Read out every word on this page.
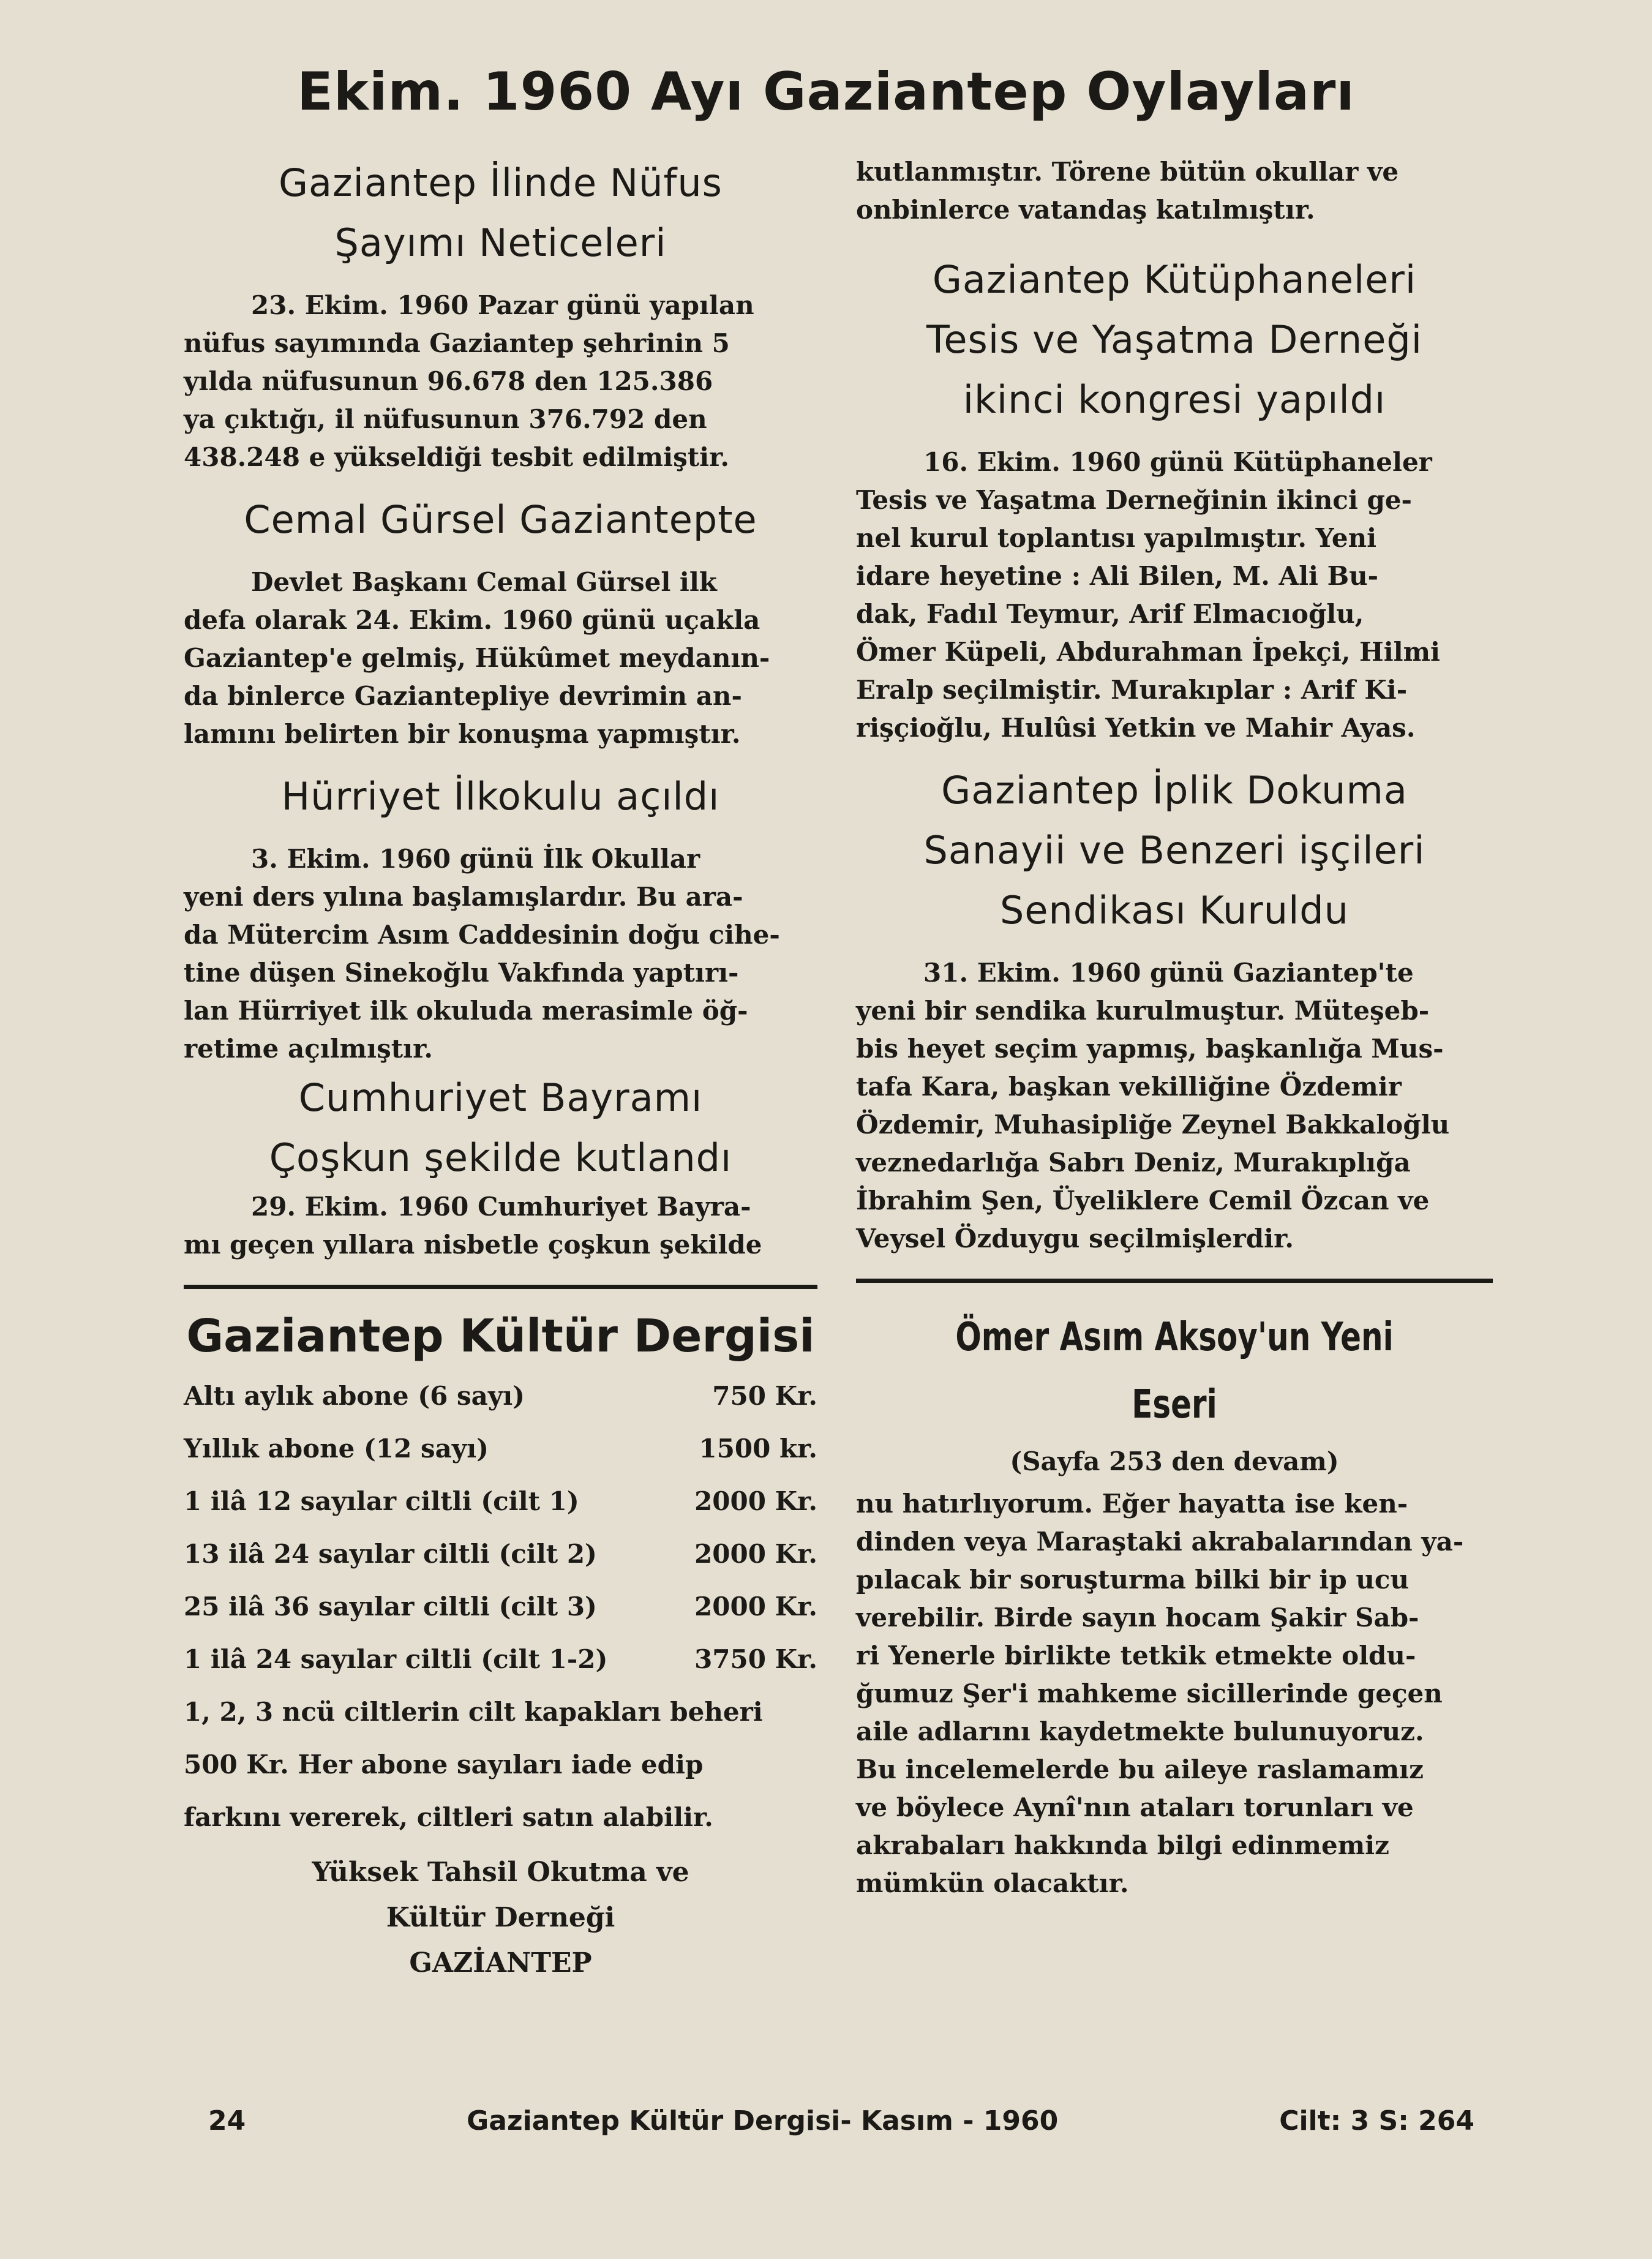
Ekim. 1960 Ayı Gaziantep Oylayları
Gaziantep İlinde Nüfus
Şayımı Neticeleri

23. Ekim. 1960 Pazar günü yapılan

nüfus sayımında Gaziantep şehrinin 5

yılda nüfusunun 96.678 den 125.386

ya çıktığı, il nüfusunun 376.792 den

438.248 e yükseldiği tesbit edilmiştir.

Cemal Gürsel Gaziantepte

Devlet Başkanı Cemal Gürsel ilk

defa olarak 24. Ekim. 1960 günü uçakla

Gaziantep'e gelmiş, Hükûmet meydanın-

da binlerce Gaziantepliye devrimin an-

lamını belirten bir konuşma yapmıştır.

Hürriyet İlkokulu açıldı

3. Ekim. 1960 günü İlk Okullar

yeni ders yılına başlamışlardır. Bu ara-

da Mütercim Asım Caddesinin doğu cihe-

tine düşen Sinekoğlu Vakfında yaptırı-

lan Hürriyet ilk okuluda merasimle öğ-

retime açılmıştır.

Cumhuriyet Bayramı
Çoşkun şekilde kutlandı

29. Ekim. 1960 Cumhuriyet Bayra-

mı geçen yıllara nisbetle çoşkun şekilde

Gaziantep Kültür Dergisi
Altı aylık abone (6 sayı)	750 Kr.
Yıllık abone (12 sayı)	1500 kr.
1 ilâ 12 sayılar ciltli (cilt 1)	2000 Kr.
13 ilâ 24 sayılar ciltli (cilt 2)	2000 Kr.
25 ilâ 36 sayılar ciltli (cilt 3)	2000 Kr.
1 ilâ 24 sayılar ciltli (cilt 1-2)	3750 Kr.

1, 2, 3 ncü ciltlerin cilt kapakları beheri

500 Kr. Her abone sayıları iade edip

farkını vererek, ciltleri satın alabilir.

Yüksek Tahsil Okutma ve
Kültür Derneği
GAZİANTEP

kutlanmıştır. Törene bütün okullar ve

onbinlerce vatandaş katılmıştır.

Gaziantep Kütüphaneleri
Tesis ve Yaşatma Derneği
ikinci kongresi yapıldı

16. Ekim. 1960 günü Kütüphaneler

Tesis ve Yaşatma Derneğinin ikinci ge-

nel kurul toplantısı yapılmıştır. Yeni

idare heyetine : Ali Bilen, M. Ali Bu-

dak, Fadıl Teymur, Arif Elmacıoğlu,

Ömer Küpeli, Abdurahman İpekçi, Hilmi

Eralp seçilmiştir. Murakıplar : Arif Ki-

rişçioğlu, Hulûsi Yetkin ve Mahir Ayas.

Gaziantep İplik Dokuma
Sanayii ve Benzeri işçileri
Sendikası Kuruldu

31. Ekim. 1960 günü Gaziantep'te

yeni bir sendika kurulmuştur. Müteşeb-

bis heyet seçim yapmış, başkanlığa Mus-

tafa Kara, başkan vekilliğine Özdemir

Özdemir, Muhasipliğe Zeynel Bakkaloğlu

veznedarlığa Sabrı Deniz, Murakıplığa

İbrahim Şen, Üyeliklere Cemil Özcan ve

Veysel Özduygu seçilmişlerdir.

Ömer Asım Aksoy'un Yeni Eseri

(Sayfa 253 den devam)

nu hatırlıyorum. Eğer hayatta ise ken-

dinden veya Maraştaki akrabalarından ya-

pılacak bir soruşturma bilki bir ip ucu

verebilir. Birde sayın hocam Şakir Sab-

ri Yenerle birlikte tetkik etmekte oldu-

ğumuz Şer'i mahkeme sicillerinde geçen

aile adlarını kaydetmekte bulunuyoruz.

Bu incelemelerde bu aileye raslamamız

ve böylece Aynî'nın ataları torunları ve

akrabaları hakkında bilgi edinmemiz

mümkün olacaktır.

24	Gaziantep Kültür Dergisi- Kasım - 1960	Cilt: 3 S: 264
